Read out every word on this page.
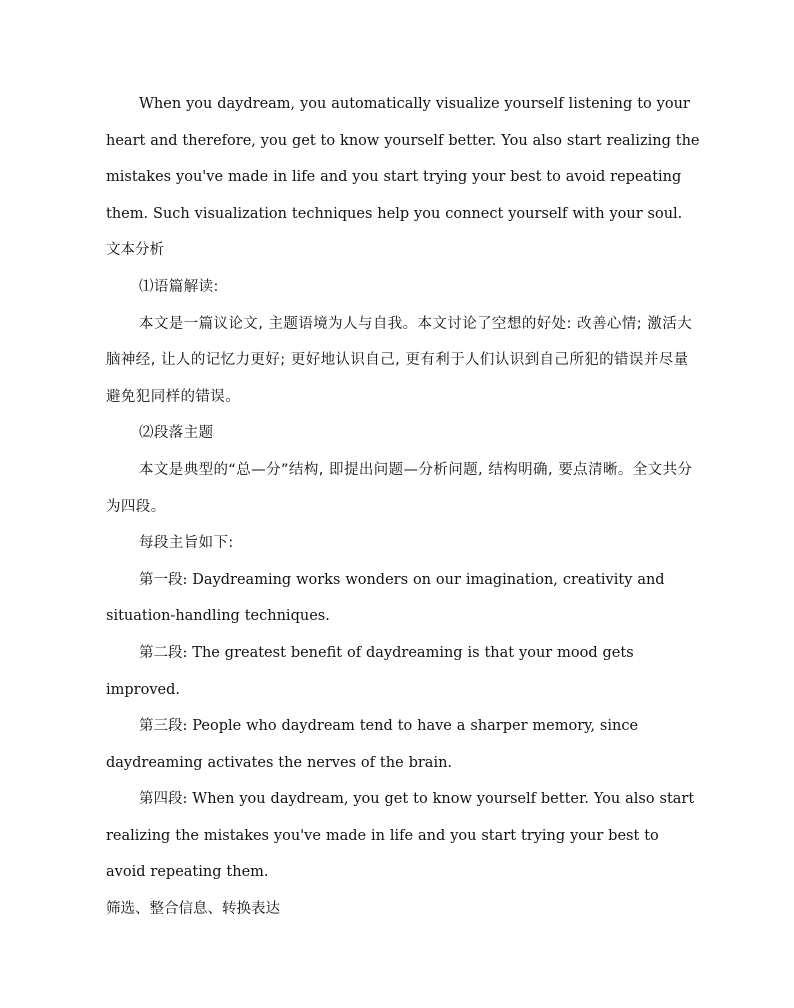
When you daydream, you automatically visualize yourself listening to your heart and therefore, you get to know yourself better. You also start realizing the mistakes you've made in life and you start trying your best to avoid repeating them. Such visualization techniques help you connect yourself with your soul.

文本分析

⑴语篇解读:

本文是一篇议论文, 主题语境为人与自我。本文讨论了空想的好处: 改善心情; 激活大脑神经, 让人的记忆力更好; 更好地认识自己, 更有利于人们认识到自己所犯的错误并尽量避免犯同样的错误。

⑵段落主题

本文是典型的“总—分”结构, 即提出问题—分析问题, 结构明确, 要点清晰。全文共分为四段。

每段主旨如下:

第一段: Daydreaming works wonders on our imagination, creativity and situation-handling techniques.

第二段: The greatest benefit of daydreaming is that your mood gets improved.

第三段: People who daydream tend to have a sharper memory, since daydreaming activates the nerves of the brain.

第四段: When you daydream, you get to know yourself better. You also start realizing the mistakes you've made in life and you start trying your best to avoid repeating them.

筛选、整合信息、转换表达
